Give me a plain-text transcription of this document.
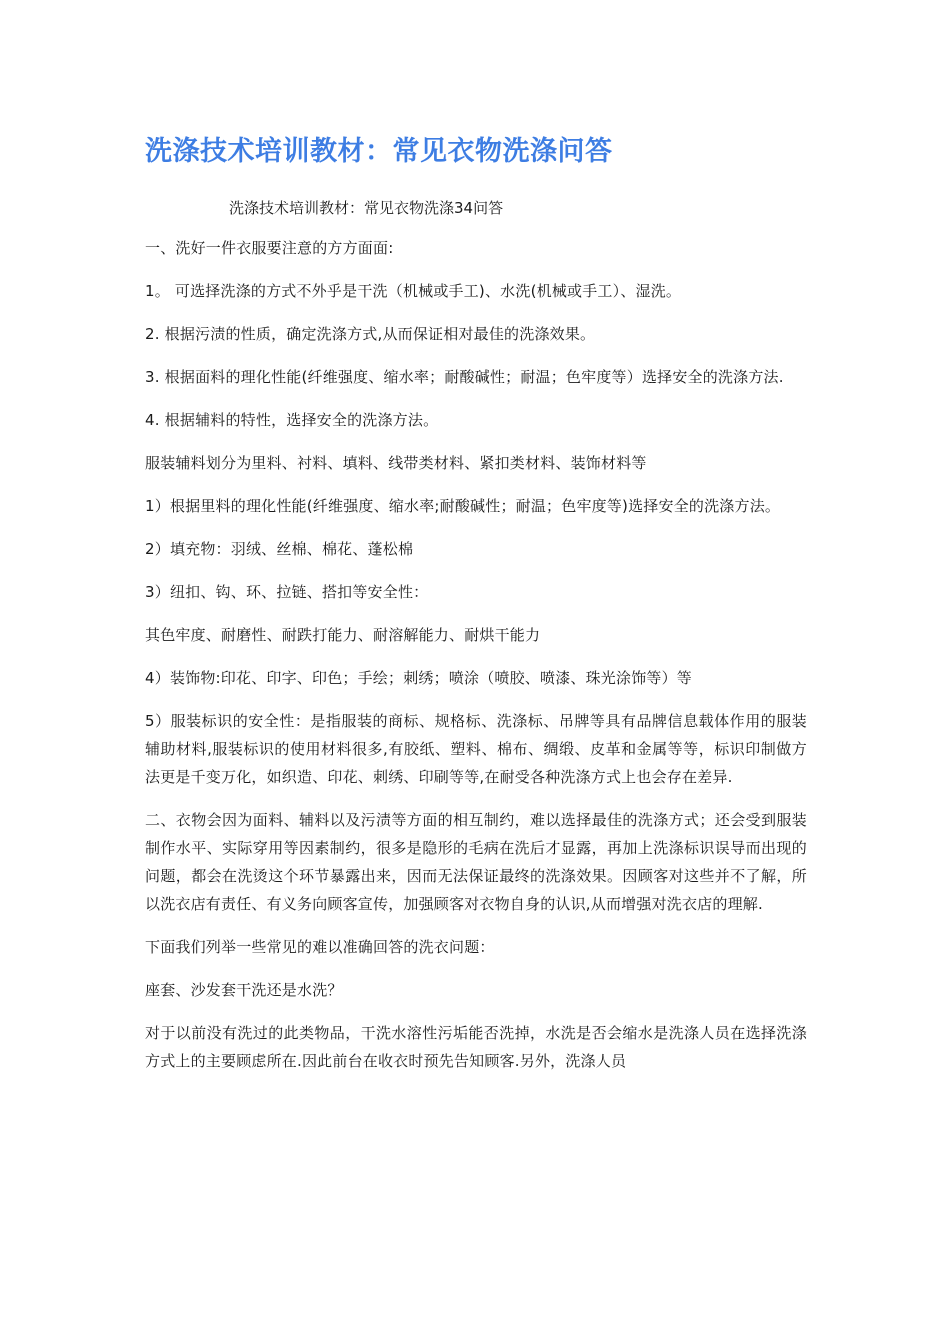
洗涤技术培训教材：常见衣物洗涤问答
洗涤技术培训教材：常见衣物洗涤34问答

一、洗好一件衣服要注意的方方面面:

1。 可选择洗涤的方式不外乎是干洗（机械或手工)、水洗(机械或手工）、湿洗。

2. 根据污渍的性质，确定洗涤方式,从而保证相对最佳的洗涤效果。

3. 根据面料的理化性能(纤维强度、缩水率；耐酸碱性；耐温；色牢度等）选择安全的洗涤方法.

4. 根据辅料的特性，选择安全的洗涤方法。

服装辅料划分为里料、衬料、填料、线带类材料、紧扣类材料、装饰材料等

1）根据里料的理化性能(纤维强度、缩水率;耐酸碱性；耐温；色牢度等)选择安全的洗涤方法。

2）填充物：羽绒、丝棉、棉花、蓬松棉

3）纽扣、钩、环、拉链、搭扣等安全性：

其色牢度、耐磨性、耐跌打能力、耐溶解能力、耐烘干能力

4）装饰物:印花、印字、印色；手绘；刺绣；喷涂（喷胶、喷漆、珠光涂饰等）等

5）服装标识的安全性：是指服装的商标、规格标、洗涤标、吊牌等具有品牌信息载体作用的服装辅助材料,服装标识的使用材料很多,有胶纸、塑料、棉布、绸缎、皮革和金属等等，标识印制做方法更是千变万化，如织造、印花、刺绣、印刷等等,在耐受各种洗涤方式上也会存在差异.

二、衣物会因为面料、辅料以及污渍等方面的相互制约，难以选择最佳的洗涤方式；还会受到服装制作水平、实际穿用等因素制约，很多是隐形的毛病在洗后才显露，再加上洗涤标识误导而出现的问题，都会在洗烫这个环节暴露出来，因而无法保证最终的洗涤效果。因顾客对这些并不了解，所以洗衣店有责任、有义务向顾客宣传，加强顾客对衣物自身的认识,从而增强对洗衣店的理解.

下面我们列举一些常见的难以准确回答的洗衣问题：

座套、沙发套干洗还是水洗？

对于以前没有洗过的此类物品，干洗水溶性污垢能否洗掉，水洗是否会缩水是洗涤人员在选择洗涤方式上的主要顾虑所在.因此前台在收衣时预先告知顾客.另外，洗涤人员
